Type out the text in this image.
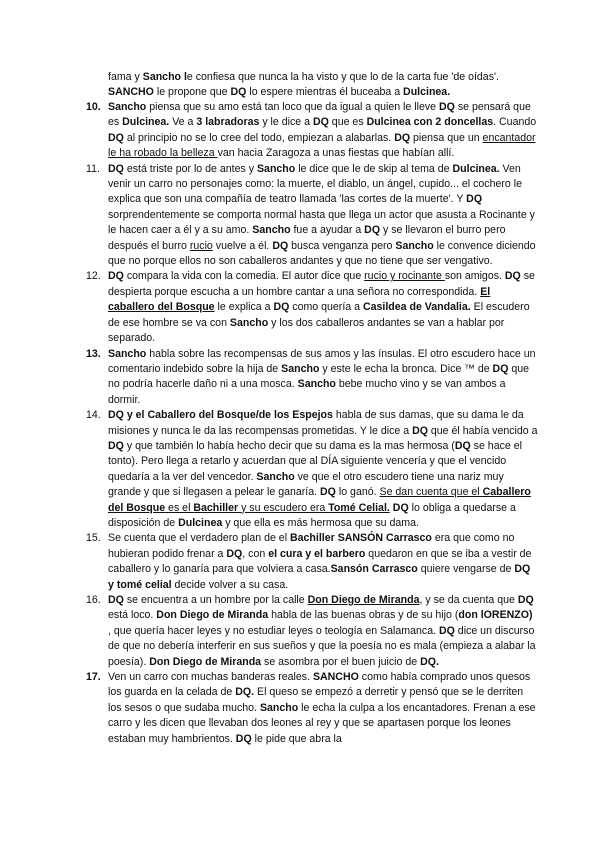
fama y Sancho le confiesa que nunca la ha visto y que lo de la carta fue 'de oídas'. SANCHO le propone que DQ lo espere mientras él buceaba a Dulcinea.
10. Sancho piensa que su amo está tan loco que da igual a quien le lleve DQ se pensará que es Dulcinea. Ve a 3 labradoras y le dice a DQ que es Dulcinea con 2 doncellas. Cuando DQ al principio no se lo cree del todo, empiezan a alabarlas. DQ piensa que un encantador le ha robado la belleza van hacia Zaragoza a unas fiestas que habían allí.
11. DQ está triste por lo de antes y Sancho le dice que le de skip al tema de Dulcinea. Ven venir un carro no personajes como: la muerte, el diablo, un ángel, cupido... el cochero le explica que son una compañía de teatro llamada 'las cortes de la muerte'. Y DQ sorprendentemente se comporta normal hasta que llega un actor que asusta a Rocinante y le hacen caer a él y a su amo. Sancho fue a ayudar a DQ y se llevaron el burro pero después el burro rucio vuelve a él. DQ busca venganza pero Sancho le convence diciendo que no porque ellos no son caballeros andantes y que no tiene que ser vengativo.
12. DQ compara la vida con la comedia. El autor dice que rucio y rocinante son amigos. DQ se despierta porque escucha a un hombre cantar a una señora no correspondida. El caballero del Bosque le explica a DQ como quería a Casildea de Vandalia. El escudero de ese hombre se va con Sancho y los dos caballeros andantes se van a hablar por separado.
13. Sancho habla sobre las recompensas de sus amos y las ínsulas. El otro escudero hace un comentario indebido sobre la hija de Sancho y este le echa la bronca. Dice ™ de DQ que no podría hacerle daño ni a una mosca. Sancho bebe mucho vino y se van ambos a dormir.
14. DQ y el Caballero del Bosque/de los Espejos habla de sus damas, que su dama le da misiones y nunca le da las recompensas prometidas. Y le dice a DQ que él había vencido a DQ y que también lo había hecho decir que su dama es la mas hermosa (DQ se hace el tonto). Pero llega a retarlo y acuerdan que al DÍA siguiente vencería y que el vencido quedaría a la ver del vencedor. Sancho ve que el otro escudero tiene una nariz muy grande y que si llegasen a pelear le ganaría. DQ lo ganó. Se dan cuenta que el Caballero del Bosque es el Bachiller y su escudero era Tomé Celial. DQ lo obliga a quedarse a disposición de Dulcinea y que ella es más hermosa que su dama.
15. Se cuenta que el verdadero plan de el Bachiller SANSÓN Carrasco era que como no hubieran podido frenar a DQ, con el cura y el barbero quedaron en que se iba a vestir de caballero y lo ganaría para que volviera a casa.Sansón Carrasco quiere vengarse de DQ y tomé celial decide volver a su casa.
16. DQ se encuentra a un hombre por la calle Don Diego de Miranda, y se da cuenta que DQ está loco. Don Diego de Miranda habla de las buenas obras y de su hijo (don lORENZO) , que quería hacer leyes y no estudiar leyes o teología en Salamanca. DQ dice un discurso de que no debería interferir en sus sueños y que la poesía no es mala (empieza a alabar la poesía). Don Diego de Miranda se asombra por el buen juicio de DQ.
17. Ven un carro con muchas banderas reales. SANCHO como había comprado unos quesos los guarda en la celada de DQ. El queso se empezó a derretir y pensó que se le derriten los sesos o que sudaba mucho. Sancho le echa la culpa a los encantadores. Frenan a ese carro y les dicen que llevaban dos leones al rey y que se apartasen porque los leones estaban muy hambrientos. DQ le pide que abra la
